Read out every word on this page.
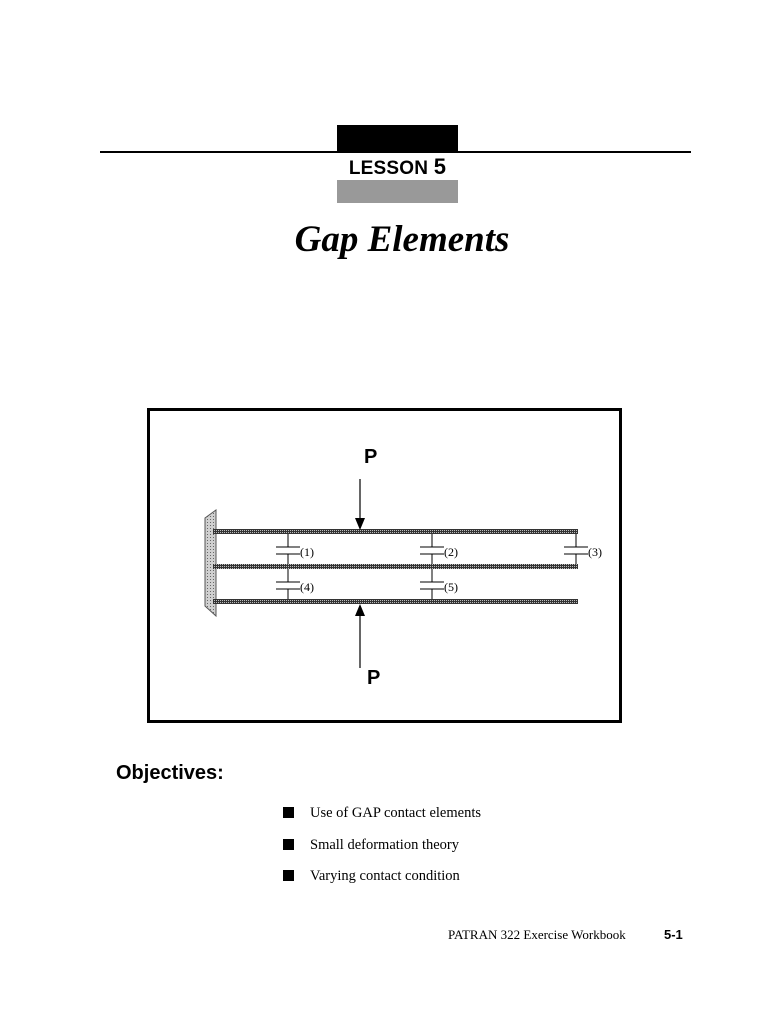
LESSON 5
Gap Elements
(1)	(2)	(3)
(4)	(5)
P
P
Objectives:
Use of GAP contact elements
Small deformation theory
Varying contact condition
PATRAN 322 Exercise Workbook	5-1
